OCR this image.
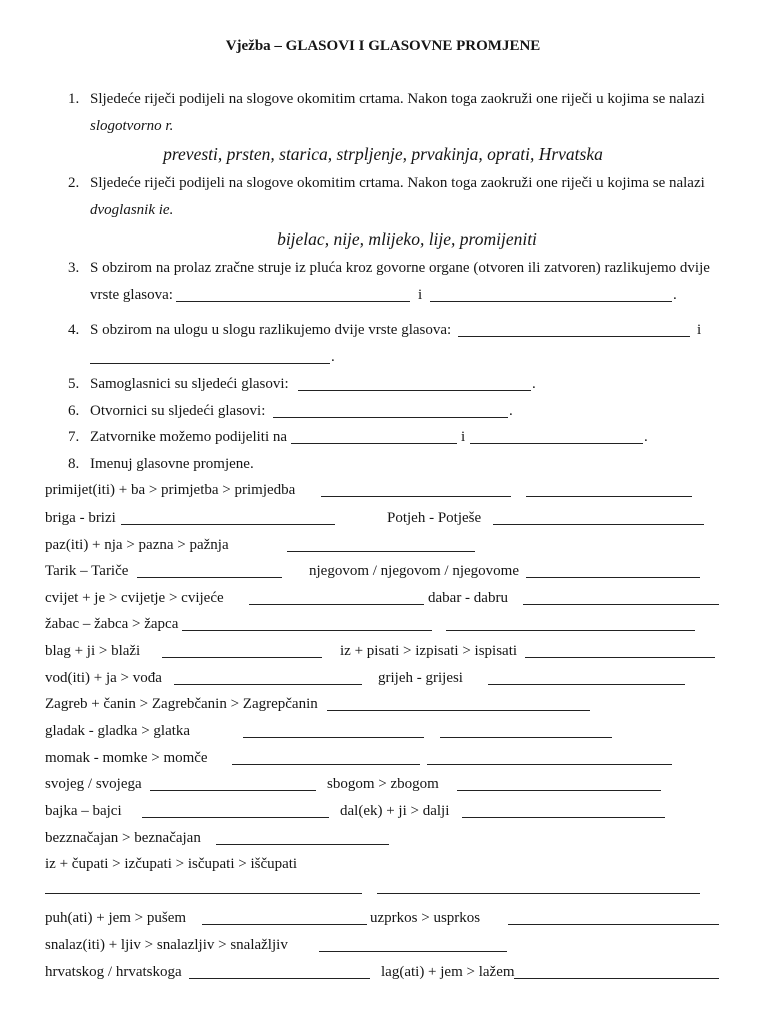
Vježba – GLASOVI I GLASOVNE PROMJENE
1. Sljedeće riječi podijeli na slogove okomitim crtama. Nakon toga zaokruži one riječi u kojima se nalazi
slogotvorno r.
prevesti, prsten, starica, strpljenje, prvakinja, oprati, Hrvatska
2. Sljedeće riječi podijeli na slogove okomitim crtama. Nakon toga zaokruži one riječi u kojima se nalazi
dvoglasnik ie.
bijelac, nije, mlijeko, lije, promijeniti
3. S obzirom na prolaz zračne struje iz pluća kroz govorne organe (otvoren ili zatvoren) razlikujemo dvije
vrste glasova:	i	.
4. S obzirom na ulogu u slogu razlikujemo dvije vrste glasova:	i
.
5. Samoglasnici su sljedeći glasovi:	.
6. Otvornici su sljedeći glasovi:	.
7. Zatvornike možemo podijeliti na	i	.
8. Imenuj glasovne promjene.
primijet(iti) + ba > primjetba > primjedba
briga - brizi	Potjeh - Potješe
paz(iti) + nja > pazna > pažnja
Tarik – Tariče	njegovom / njegovom / njegovome
cvijet + je > cvijetje > cvijeće	dabar - dabru
žabac – žabca > žapca
blag + ji > blaži	iz + pisati > izpisati > ispisati
vod(iti) + ja > vođa	grijeh - grijesi
Zagreb + čanin > Zagrebčanin > Zagrepčanin
gladak - gladka > glatka
momak - momke > momče
svojeg / svojega	sbogom > zbogom
bajka – bajci	dal(ek) + ji > dalji
bezznačajan > beznačajan
iz + čupati > izčupati > isčupati > iščupati
puh(ati) + jem > pušem	uzprkos > usprkos
snalaz(iti) + ljiv > snalazljiv > snalažljiv
hrvatskog / hrvatskoga	lag(ati) + jem > lažem
